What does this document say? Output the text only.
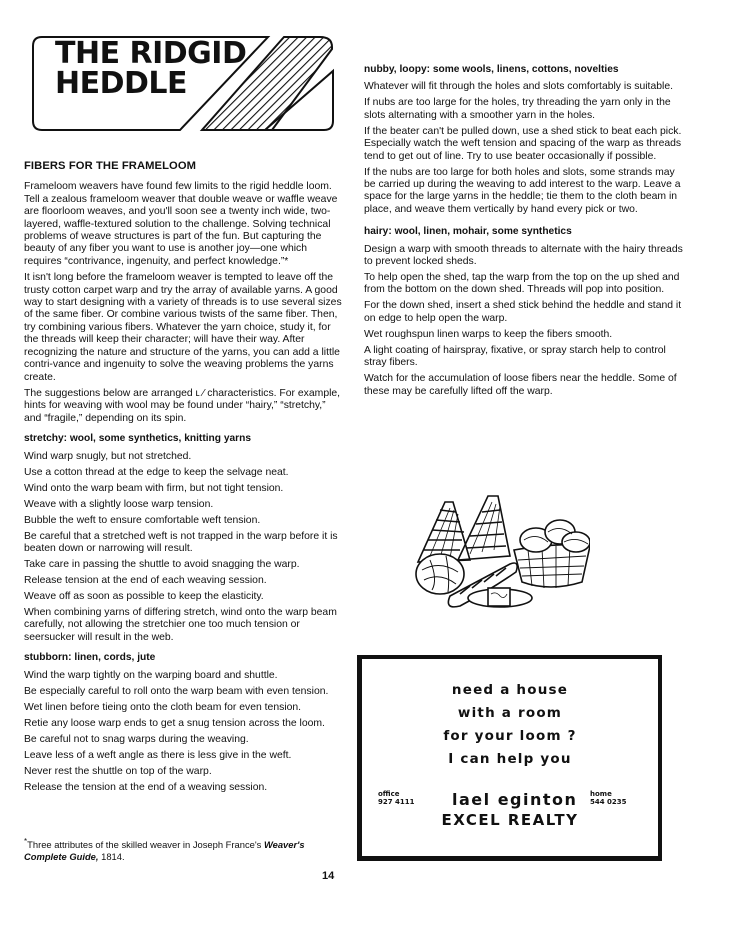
THE RIDGID
HEDDLE
FIBERS FOR THE FRAMELOOM

Frameloom weavers have found few limits to the rigid heddle loom. Tell a zealous frameloom weaver that double weave or waffle weave are floorloom weaves, and you'll soon see a twenty inch wide, two-layered, waffle-textured solution to the challenge. Solving technical problems of weave structures is part of the fun. But capturing the beauty of any fiber you want to use is another joy—one which requires “contrivance, ingenuity, and perfect knowledge.”*

It isn't long before the frameloom weaver is tempted to leave off the trusty cotton carpet warp and try the array of available yarns. A good way to start designing with a variety of threads is to use several sizes of the same fiber. Or combine various twists of the same fiber. Then, try combining various fibers. Whatever the yarn choice, study it, for the threads will keep their character; will have their way. After recognizing the nature and structure of the yarns, you can add a little contri-vance and ingenuity to solve the weaving problems the yarns create.

The suggestions below are arranged ʟ ⁄ characteristics. For example, hints for weaving with wool may be found under “hairy,” “stretchy,” and “fragile,” depending on its spin.

stretchy: wool, some synthetics, knitting yarns
Wind warp snugly, but not stretched.
Use a cotton thread at the edge to keep the selvage neat.
Wind onto the warp beam with firm, but not tight tension.
Weave with a slightly loose warp tension.
Bubble the weft to ensure comfortable weft tension.
Be careful that a stretched weft is not trapped in the warp before it is beaten down or narrowing will result.
Take care in passing the shuttle to avoid snagging the warp.
Release tension at the end of each weaving session.
Weave off as soon as possible to keep the elasticity.
When combining yarns of differing stretch, wind onto the warp beam carefully, not allowing the stretchier one too much tension or seersucker will result in the web.
stubborn: linen, cords, jute
Wind the warp tightly on the warping board and shuttle.
Be especially careful to roll onto the warp beam with even tension.
Wet linen before tieing onto the cloth beam for even tension.
Retie any loose warp ends to get a snug tension across the loom.
Be careful not to snag warps during the weaving.
Leave less of a weft angle as there is less give in the weft.
Never rest the shuttle on top of the warp.
Release the tension at the end of a weaving session.
nubby, loopy: some wools, linens, cottons, novelties
Whatever will fit through the holes and slots comfortably is suitable.
If nubs are too large for the holes, try threading the yarn only in the slots alternating with a smoother yarn in the holes.
If the beater can't be pulled down, use a shed stick to beat each pick. Especially watch the weft tension and spacing of the warp as threads tend to get out of line. Try to use beater occasionally if possible.
If the nubs are too large for both holes and slots, some strands may be carried up during the weaving to add interest to the warp. Leave a space for the large yarns in the heddle; tie them to the cloth beam in place, and weave them vertically by hand every pick or two.
hairy: wool, linen, mohair, some synthetics
Design a warp with smooth threads to alternate with the hairy threads to prevent locked sheds.
To help open the shed, tap the warp from the top on the up shed and from the bottom on the down shed. Threads will pop into position.
For the down shed, insert a shed stick behind the heddle and stand it on edge to help open the warp.
Wet roughspun linen warps to keep the fibers smooth.
A light coating of hairspray, fixative, or spray starch help to control stray fibers.
Watch for the accumulation of loose fibers near the heddle. Some of these may be carefully lifted off the warp.
need a house
with a room
for your loom ?
I can help you
office
927 4111 lael eginton home
544 0235
EXCEL REALTY
*Three attributes of the skilled weaver in Joseph France's Weaver's Complete Guide, 1814.
14
